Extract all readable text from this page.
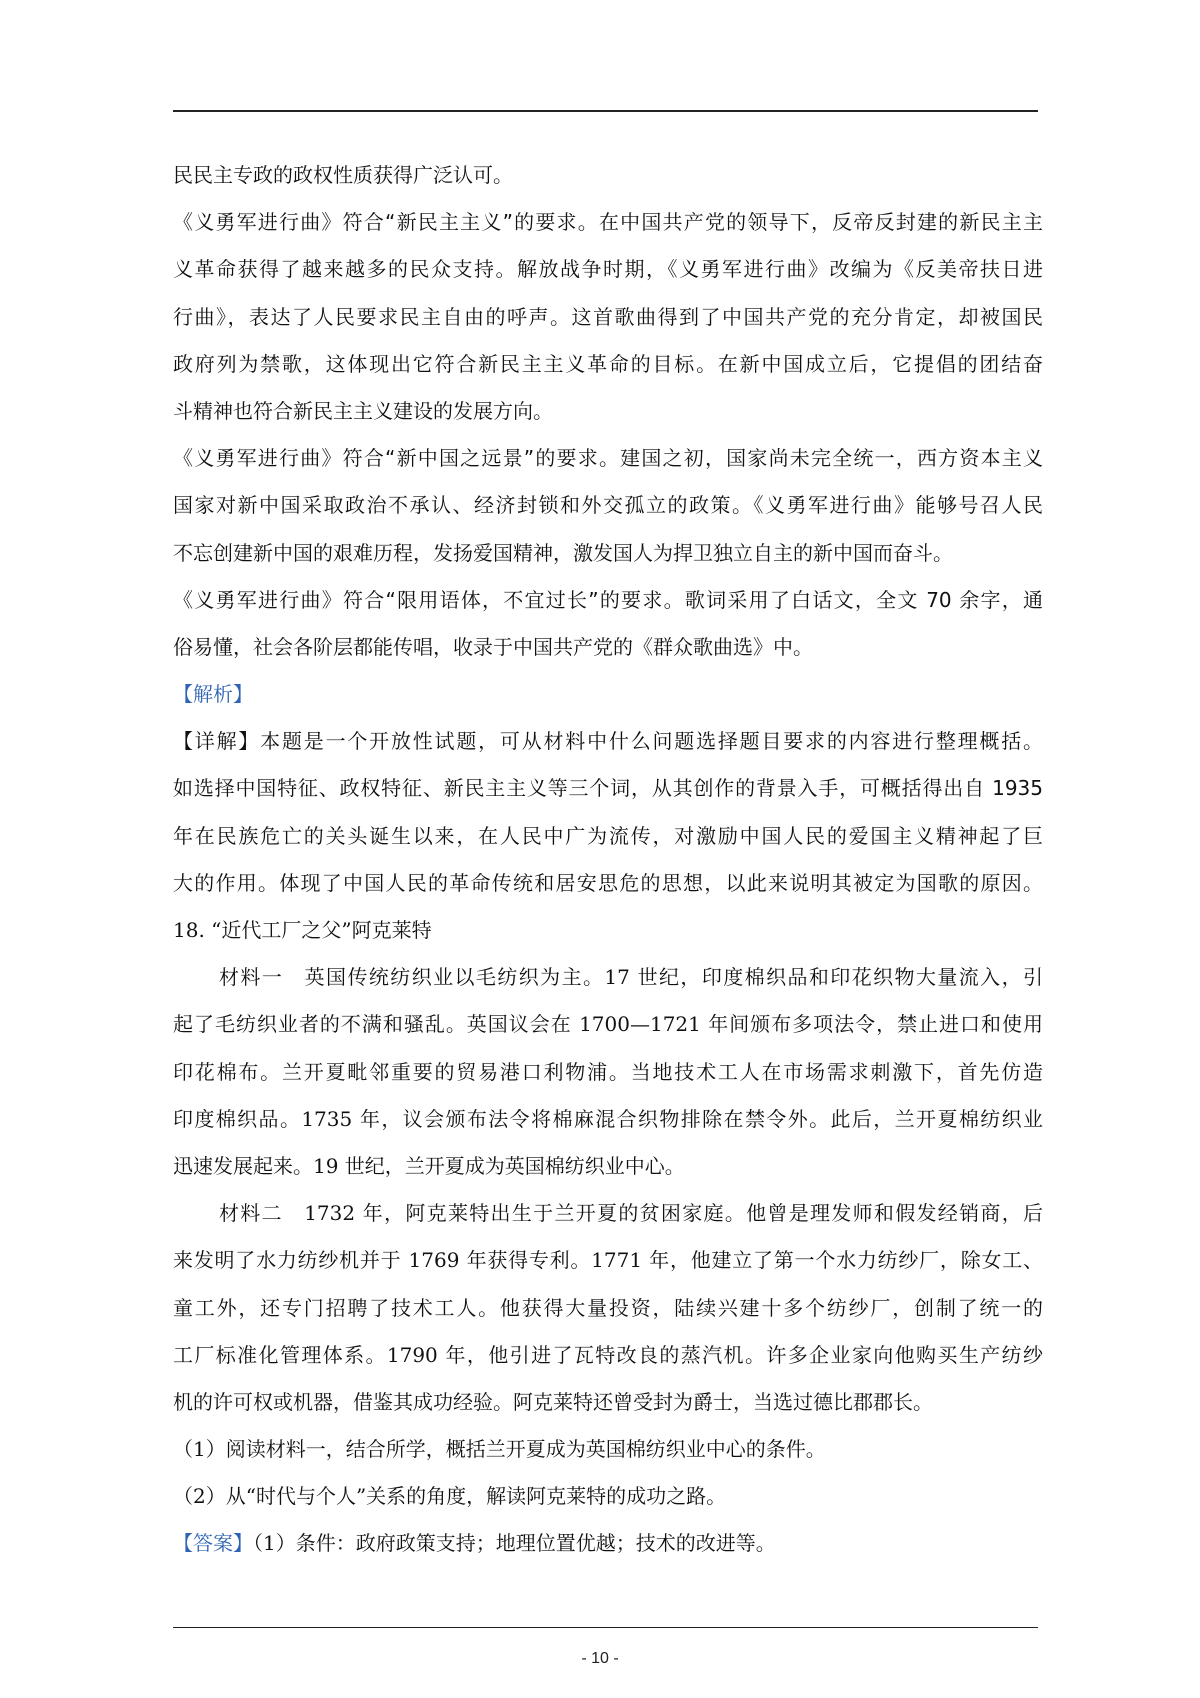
民民主专政的政权性质获得广泛认可。
《义勇军进行曲》符合“新民主主义”的要求。在中国共产党的领导下，反帝反封建的新民主主
义革命获得了越来越多的民众支持。解放战争时期，《义勇军进行曲》改编为《反美帝扶日进
行曲》，表达了人民要求民主自由的呼声。这首歌曲得到了中国共产党的充分肯定，却被国民
政府列为禁歌，这体现出它符合新民主主义革命的目标。在新中国成立后，它提倡的团结奋
斗精神也符合新民主主义建设的发展方向。
《义勇军进行曲》符合“新中国之远景”的要求。建国之初，国家尚未完全统一，西方资本主义
国家对新中国采取政治不承认、经济封锁和外交孤立的政策。《义勇军进行曲》能够号召人民
不忘创建新中国的艰难历程，发扬爱国精神，激发国人为捍卫独立自主的新中国而奋斗。
《义勇军进行曲》符合“限用语体，不宜过长”的要求。歌词采用了白话文，全文 70 余字，通
俗易懂，社会各阶层都能传唱，收录于中国共产党的《群众歌曲选》中。
【解析】
【详解】本题是一个开放性试题，可从材料中什么问题选择题目要求的内容进行整理概括。
如选择中国特征、政权特征、新民主主义等三个词，从其创作的背景入手，可概括得出自 1935
年在民族危亡的关头诞生以来，在人民中广为流传，对激励中国人民的爱国主义精神起了巨
大的作用。体现了中国人民的革命传统和居安思危的思想，以此来说明其被定为国歌的原因。
18. “近代工厂之父”阿克莱特
材料一　英国传统纺织业以毛纺织为主。17 世纪，印度棉织品和印花织物大量流入，引
起了毛纺织业者的不满和骚乱。英国议会在 1700—1721 年间颁布多项法令，禁止进口和使用
印花棉布。兰开夏毗邻重要的贸易港口利物浦。当地技术工人在市场需求刺激下，首先仿造
印度棉织品。1735 年，议会颁布法令将棉麻混合织物排除在禁令外。此后，兰开夏棉纺织业
迅速发展起来。19 世纪，兰开夏成为英国棉纺织业中心。
材料二　1732 年，阿克莱特出生于兰开夏的贫困家庭。他曾是理发师和假发经销商，后
来发明了水力纺纱机并于 1769 年获得专利。1771 年，他建立了第一个水力纺纱厂，除女工、
童工外，还专门招聘了技术工人。他获得大量投资，陆续兴建十多个纺纱厂，创制了统一的
工厂标准化管理体系。1790 年，他引进了瓦特改良的蒸汽机。许多企业家向他购买生产纺纱
机的许可权或机器，借鉴其成功经验。阿克莱特还曾受封为爵士，当选过德比郡郡长。
（1）阅读材料一，结合所学，概括兰开夏成为英国棉纺织业中心的条件。
（2）从“时代与个人”关系的角度，解读阿克莱特的成功之路。
【答案】（1）条件：政府政策支持；地理位置优越；技术的改进等。
- 10 -
